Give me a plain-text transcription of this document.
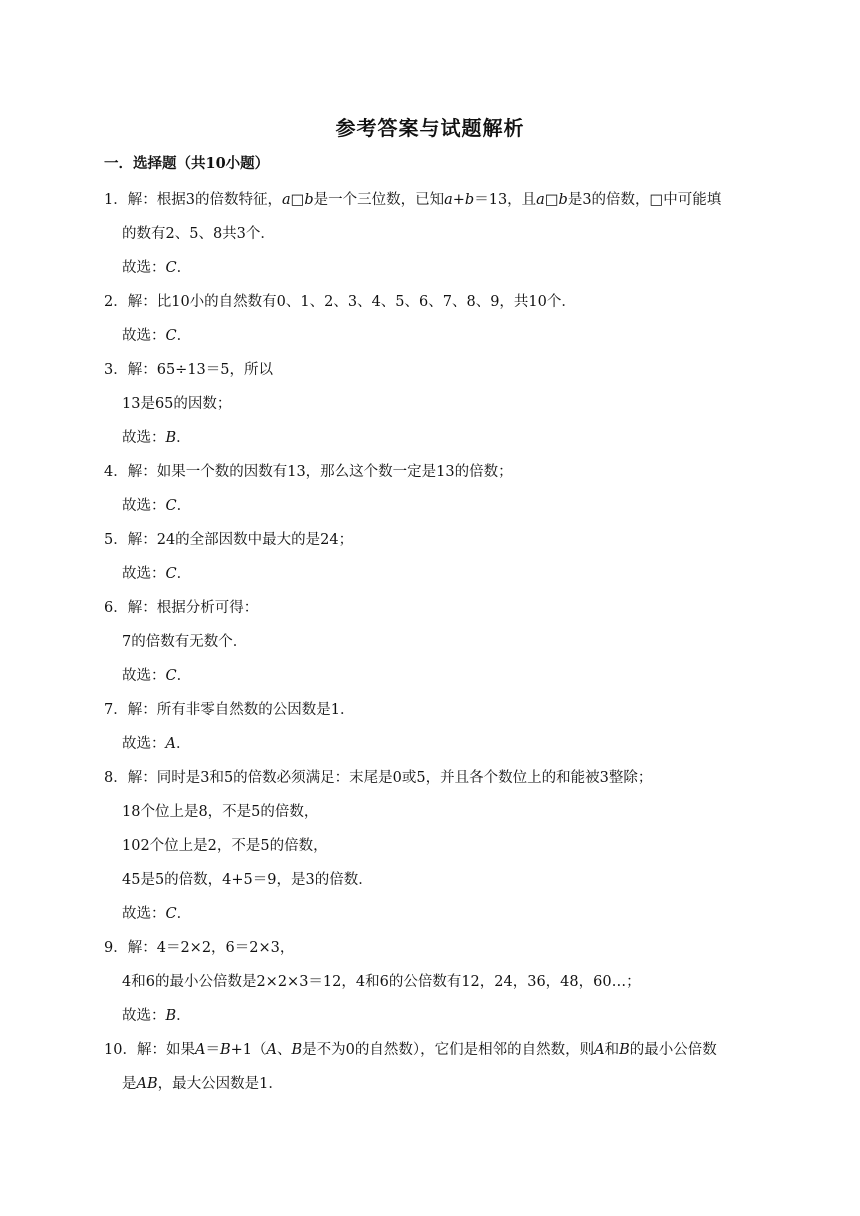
参考答案与试题解析
一．选择题（共10小题）
1．解：根据3的倍数特征，a□b是一个三位数，已知a+b＝13，且a□b是3的倍数，□中可能填
的数有2、5、8共3个．
故选：C．
2．解：比10小的自然数有0、1、2、3、4、5、6、7、8、9，共10个．
故选：C．
3．解：65÷13＝5，所以
13是65的因数；
故选：B．
4．解：如果一个数的因数有13，那么这个数一定是13的倍数；
故选：C．
5．解：24的全部因数中最大的是24；
故选：C．
6．解：根据分析可得：
7的倍数有无数个．
故选：C．
7．解：所有非零自然数的公因数是1．
故选：A．
8．解：同时是3和5的倍数必须满足：末尾是0或5，并且各个数位上的和能被3整除；
18个位上是8，不是5的倍数，
102个位上是2，不是5的倍数，
45是5的倍数，4+5＝9，是3的倍数．
故选：C．
9．解：4＝2×2，6＝2×3，
4和6的最小公倍数是2×2×3＝12，4和6的公倍数有12，24，36，48，60…；
故选：B．
10．解：如果A＝B+1（A、B是不为0的自然数），它们是相邻的自然数，则A和B的最小公倍数
是AB，最大公因数是1．
